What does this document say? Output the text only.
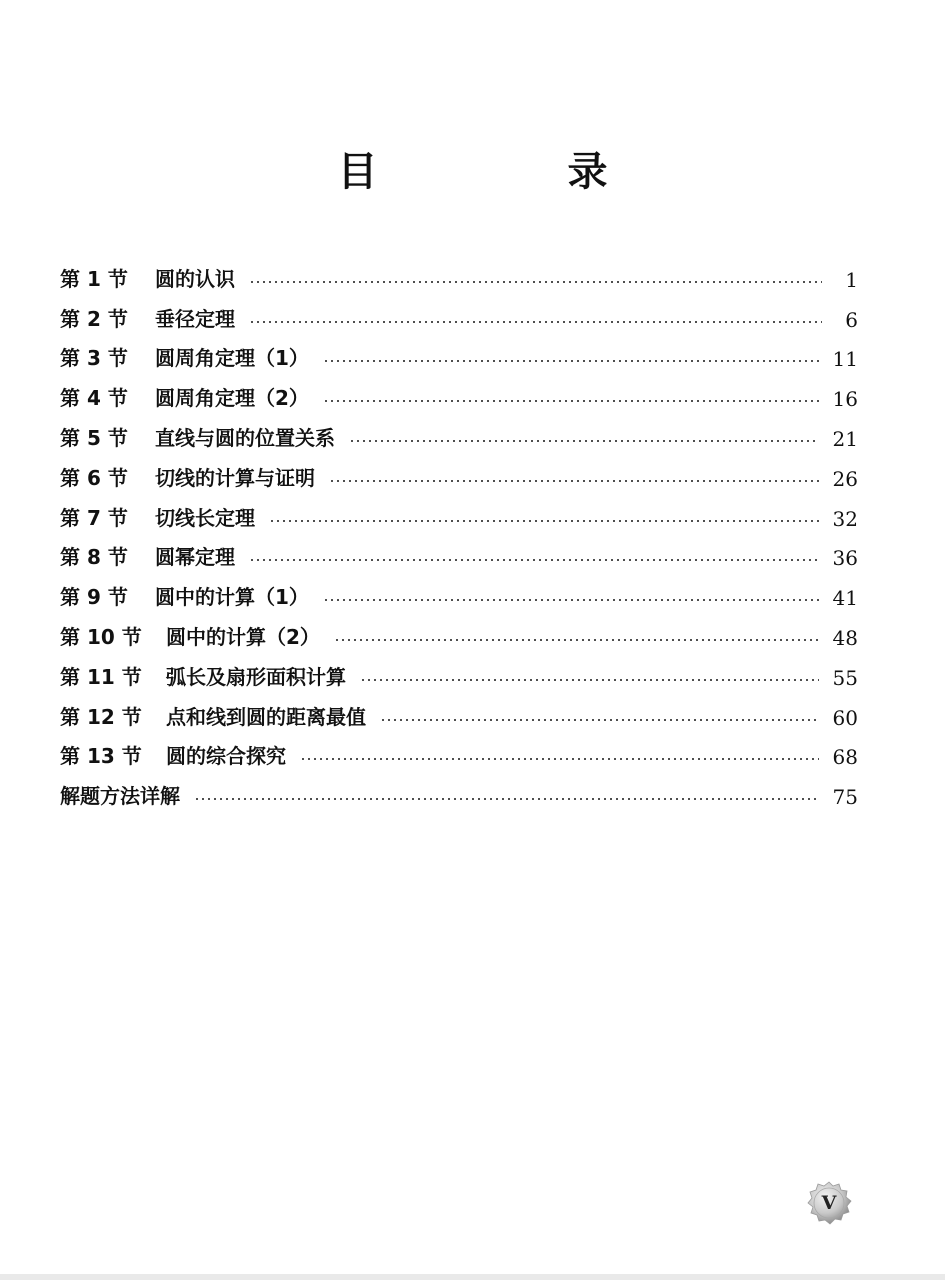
目 录
第 1 节	圆的认识	1
第 2 节	垂径定理	6
第 3 节	圆周角定理（1）	11
第 4 节	圆周角定理（2）	16
第 5 节	直线与圆的位置关系	21
第 6 节	切线的计算与证明	26
第 7 节	切线长定理	32
第 8 节	圆幂定理	36
第 9 节	圆中的计算（1）	41
第 10 节	圆中的计算（2）	48
第 11 节	弧长及扇形面积计算	55
第 12 节	点和线到圆的距离最值	60
第 13 节	圆的综合探究	68
解题方法详解	75
V
